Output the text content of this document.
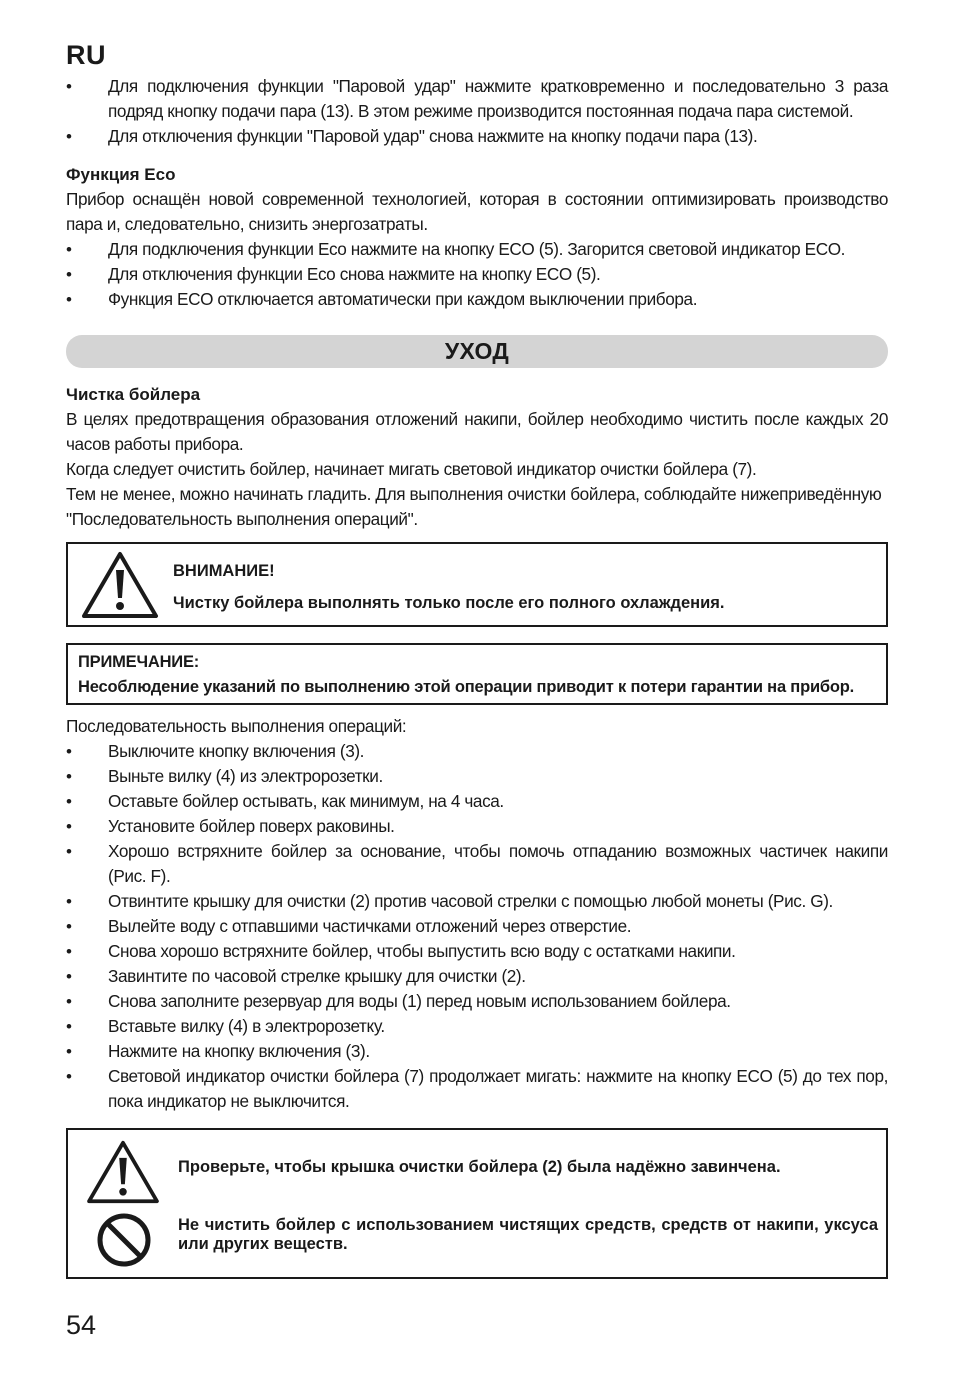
RU
• Для подключения функции "Паровой удар" нажмите кратковременно и последовательно 3 раза подряд кнопку подачи пара (13). В этом режиме производится постоянная подача пара системой.
• Для отключения функции "Паровой удар" снова нажмите на кнопку подачи пара (13).
Функция Eco

Прибор оснащён новой современной технологией, которая в состоянии оптимизировать производство пара и, следовательно, снизить энергозатраты.

• Для подключения функции Eco нажмите на кнопку ECO (5). Загорится световой индикатор ECO.
• Для отключения функции Eco снова нажмите на кнопку ECO (5).
• Функция ECO отключается автоматически при каждом выключении прибора.
УХОД
Чистка бойлера

В целях предотвращения образования отложений накипи, бойлер необходимо чистить после каждых 20 часов работы прибора.

Когда следует очистить бойлер, начинает мигать световой индикатор очистки бойлера (7).

Тем не менее, можно начинать гладить. Для выполнения очистки бойлера, соблюдайте нижеприведённую "Последовательность выполнения операций".

ВНИМАНИЕ!
Чистку бойлера выполнять только после его полного охлаждения.

ПРИМЕЧАНИЕ:

Несоблюдение указаний по выполнению этой операции приводит к потери гарантии на прибор.

Последовательность выполнения операций:

• Выключите кнопку включения (3).
• Выньте вилку (4) из электророзетки.
• Оставьте бойлер остывать, как минимум, на 4 часа.
• Установите бойлер поверх раковины.
• Хорошо встряхните бойлер за основание, чтобы помочь отпаданию возможных частичек накипи (Рис. F).
• Отвинтите крышку для очистки (2) против часовой стрелки с помощью любой монеты (Рис. G).
• Вылейте воду с отпавшими частичками отложений через отверстие.
• Снова хорошо встряхните бойлер, чтобы выпустить всю воду с остатками накипи.
• Завинтите по часовой стрелке крышку для очистки (2).
• Снова заполните резервуар для воды (1) перед новым использованием бойлера.
• Вставьте вилку (4) в электророзетку.
• Нажмите на кнопку включения (3).
• Световой индикатор очистки бойлера (7) продолжает мигать: нажмите на кнопку ECO (5) до тех пор, пока индикатор не выключится.
Проверьте, чтобы крышка очистки бойлера (2) была надёжно завинчена.
Не чистить бойлер с использованием чистящих средств, средств от накипи, уксуса или других веществ.
54
